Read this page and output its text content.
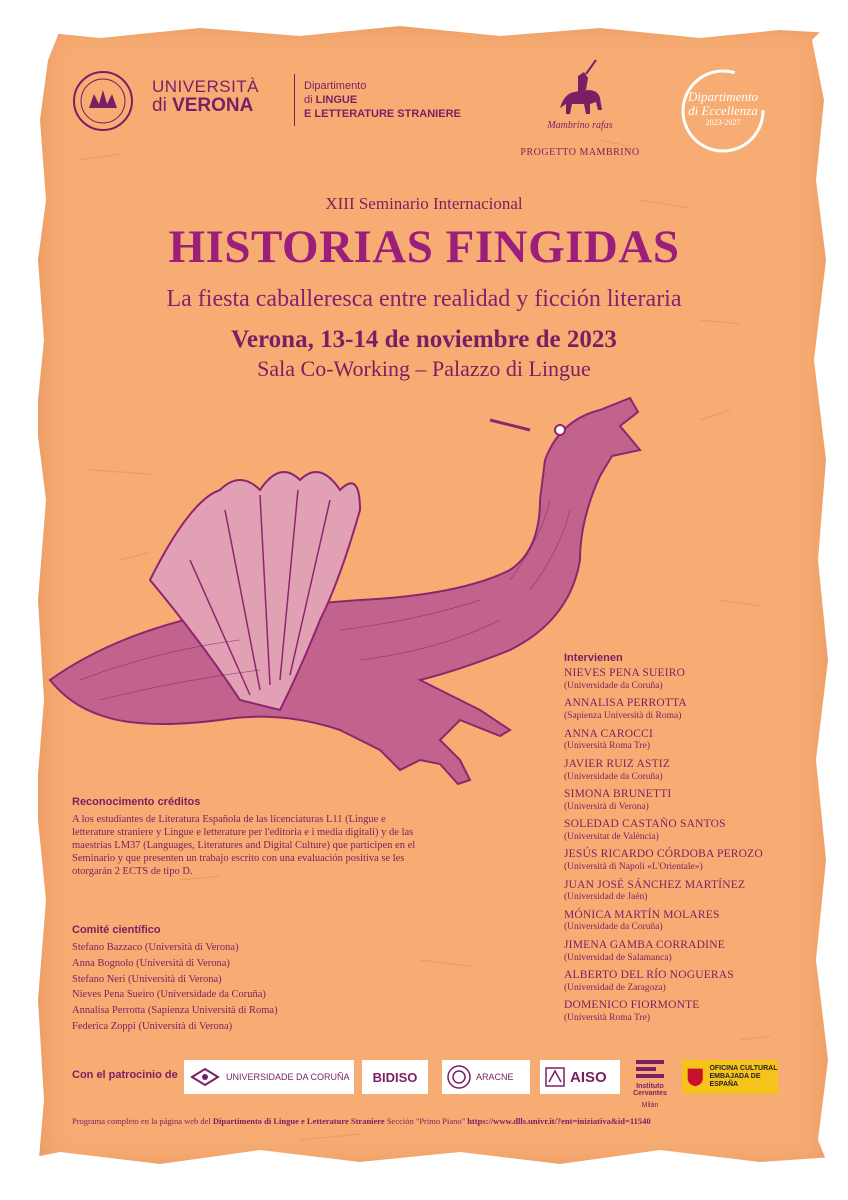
UNIVERSITÀ
di VERONA
Dipartimento
di LINGUE
E LETTERATURE STRANIERE
Mambrino rafas
PROGETTO MAMBRINO
Dipartimento
di Eccellenza
2023-2027
XIII Seminario Internacional
HISTORIAS FINGIDAS
La fiesta caballeresca entre realidad y ficción literaria
Verona, 13-14 de noviembre de 2023
Sala Co-Working – Palazzo di Lingue
Intervienen
NIEVES PENA SUEIRO
(Universidade da Coruña)
ANNALISA PERROTTA
(Sapienza Università di Roma)
ANNA CAROCCI
(Università Roma Tre)
JAVIER RUIZ ASTIZ
(Universidade da Coruña)
SIMONA BRUNETTI
(Università di Verona)
SOLEDAD CASTAÑO SANTOS
(Universitat de València)
JESÚS RICARDO CÓRDOBA PEROZO
(Università di Napoli «L'Orientale»)
JUAN JOSÉ SÁNCHEZ MARTÍNEZ
(Universidad de Jaén)
MÓNICA MARTÍN MOLARES
(Universidade da Coruña)
JIMENA GAMBA CORRADINE
(Universidad de Salamanca)
ALBERTO DEL RÍO NOGUERAS
(Universidad de Zaragoza)
DOMENICO FIORMONTE
(Università Roma Tre)
Reconocimento créditos
A los estudiantes de Literatura Española de las licenciaturas L11 (Lingue e letterature straniere y Lingue e letterature per l'editoria e i media digitali) y de las maestrías LM37 (Languages, Literatures and Digital Culture) que participen en el Seminario y que presenten un trabajo escrito con una evaluación positiva se les otorgarán 2 ECTS de tipo D.
Comité científico
Stefano Bazzaco (Università di Verona)
Anna Bognolo (Università di Verona)
Stefano Neri (Università di Verona)
Nieves Pena Sueiro (Universidade da Coruña)
Annalisa Perrotta (Sapienza Università di Roma)
Federica Zoppi (Università di Verona)
Con el patrocinio de	UNIVERSIDADE DA CORUÑA BIDISO	ARACNE	AISO
Instituto Cervantes
Milán
OFICINA CULTURAL
EMBAJADA DE ESPAÑA
Programa completo en la página web del Dipartimento di Lingue e Letterature Straniere Sección "Primo Piano" https://www.dlls.univr.it/?ent=iniziativa&id=11540
